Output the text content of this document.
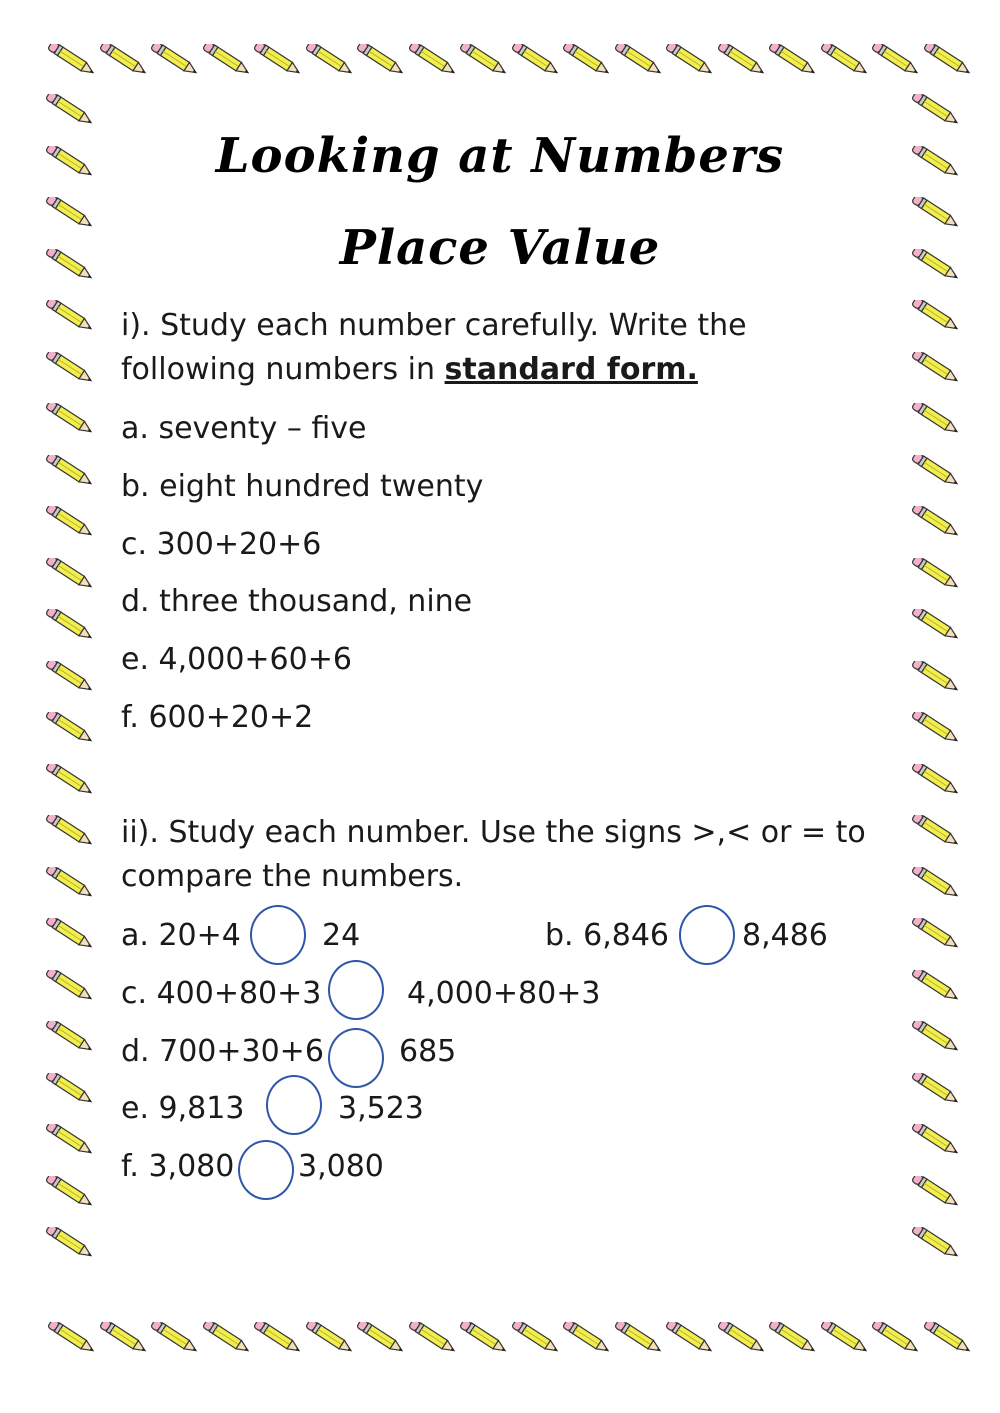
Looking at Numbers
Place Value
i). Study each number carefully. Write the following numbers in standard form.
a. seventy – five
b. eight hundred twenty
c. 300+20+6
d. three thousand, nine
e. 4,000+60+6
f. 600+20+2
ii). Study each number. Use the signs >,< or = to compare the numbers.
a. 20+4	24	b. 6,846 8,486
c. 400+80+3	4,000+80+3
d. 700+30+6	685
e. 9,813	3,523
f. 3,080 3,080
